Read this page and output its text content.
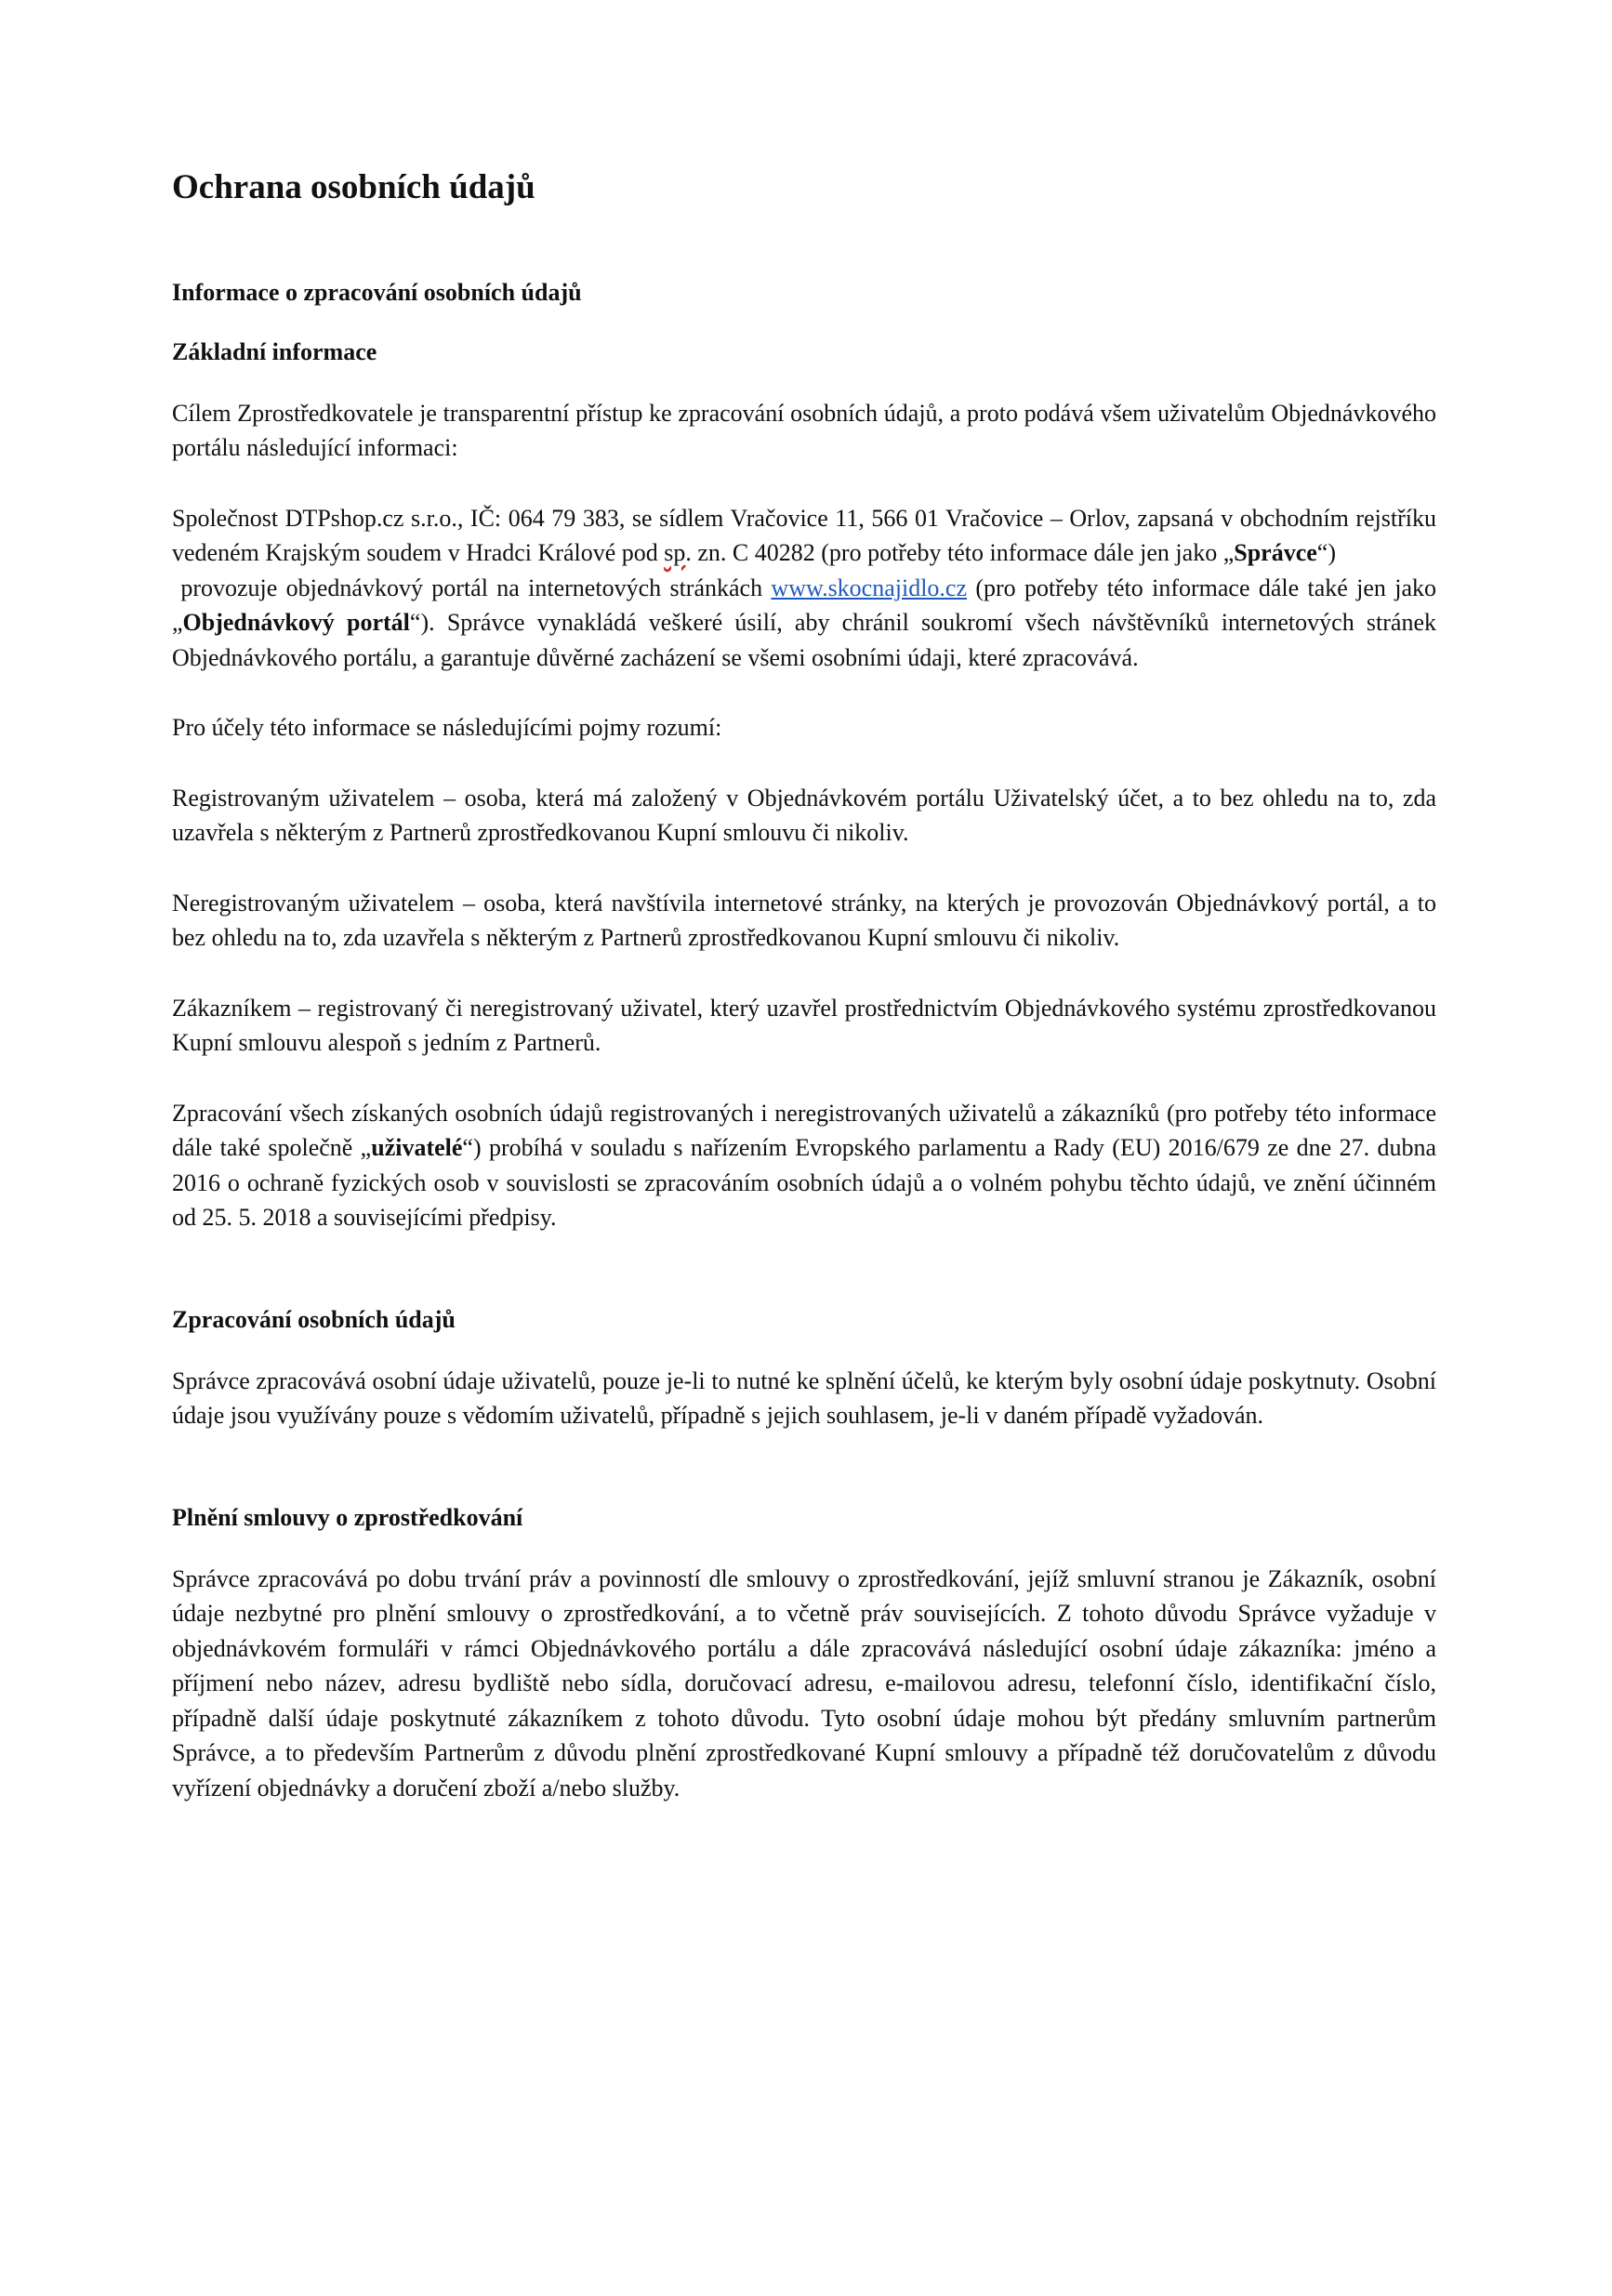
Ochrana osobních údajů
Informace o zpracování osobních údajů
Základní informace

Cílem Zprostředkovatele je transparentní přístup ke zpracování osobních údajů, a proto podává všem uživatelům Objednávkového portálu následující informaci:

Společnost DTPshop.cz s.r.o., IČ: 064 79 383, se sídlem Vračovice 11, 566 01 Vračovice – Orlov, zapsaná v obchodním rejstříku vedeném Krajským soudem v Hradci Králové pod sp. zn. C 40282 (pro potřeby této informace dále jen jako „Správce“)

provozuje objednávkový portál na internetových stránkách www.skocnajidlo.cz (pro potřeby této informace dále také jen jako „Objednávkový portál“). Správce vynakládá veškeré úsilí, aby chránil soukromí všech návštěvníků internetových stránek Objednávkového portálu, a garantuje důvěrné zacházení se všemi osobními údaji, které zpracovává.

Pro účely této informace se následujícími pojmy rozumí:

Registrovaným uživatelem – osoba, která má založený v Objednávkovém portálu Uživatelský účet, a to bez ohledu na to, zda uzavřela s některým z Partnerů zprostředkovanou Kupní smlouvu či nikoliv.

Neregistrovaným uživatelem – osoba, která navštívila internetové stránky, na kterých je provozován Objednávkový portál, a to bez ohledu na to, zda uzavřela s některým z Partnerů zprostředkovanou Kupní smlouvu či nikoliv.

Zákazníkem – registrovaný či neregistrovaný uživatel, který uzavřel prostřednictvím Objednávkového systému zprostředkovanou Kupní smlouvu alespoň s jedním z Partnerů.

Zpracování všech získaných osobních údajů registrovaných i neregistrovaných uživatelů a zákazníků (pro potřeby této informace dále také společně „uživatelé“) probíhá v souladu s nařízením Evropského parlamentu a Rady (EU) 2016/679 ze dne 27. dubna 2016 o ochraně fyzických osob v souvislosti se zpracováním osobních údajů a o volném pohybu těchto údajů, ve znění účinném od 25. 5. 2018 a souvisejícími předpisy.

Zpracování osobních údajů

Správce zpracovává osobní údaje uživatelů, pouze je-li to nutné ke splnění účelů, ke kterým byly osobní údaje poskytnuty. Osobní údaje jsou využívány pouze s vědomím uživatelů, případně s jejich souhlasem, je-li v daném případě vyžadován.

Plnění smlouvy o zprostředkování

Správce zpracovává po dobu trvání práv a povinností dle smlouvy o zprostředkování, jejíž smluvní stranou je Zákazník, osobní údaje nezbytné pro plnění smlouvy o zprostředkování, a to včetně práv souvisejících. Z tohoto důvodu Správce vyžaduje v objednávkovém formuláři v rámci Objednávkového portálu a dále zpracovává následující osobní údaje zákazníka: jméno a příjmení nebo název, adresu bydliště nebo sídla, doručovací adresu, e-mailovou adresu, telefonní číslo, identifikační číslo, případně další údaje poskytnuté zákazníkem z tohoto důvodu. Tyto osobní údaje mohou být předány smluvním partnerům Správce, a to především Partnerům z důvodu plnění zprostředkované Kupní smlouvy a případně též doručovatelům z důvodu vyřízení objednávky a doručení zboží a/nebo služby.
